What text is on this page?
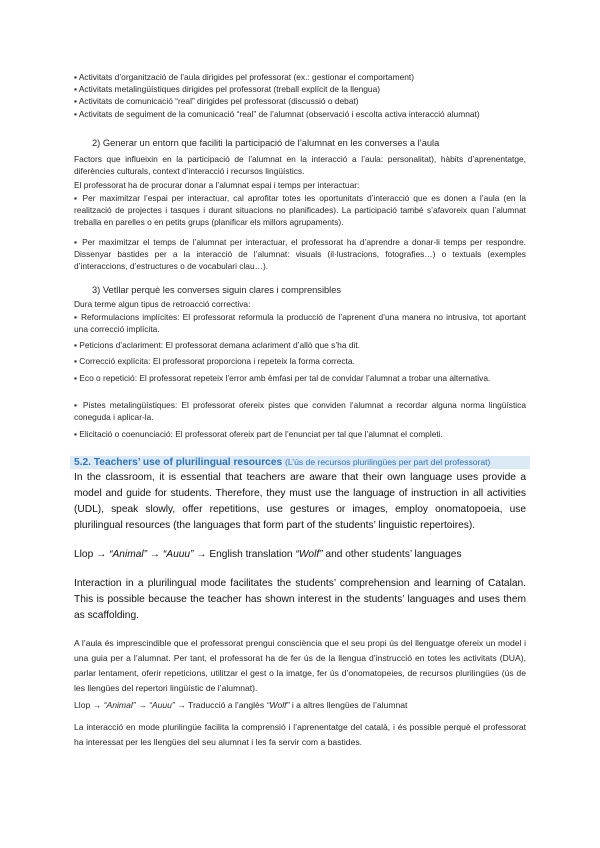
▪ Activitats d’organització de l’aula dirigides pel professorat (ex.: gestionar el comportament)
▪ Activitats metalingüístiques dirigides pel professorat (treball explícit de la llengua)
▪ Activitats de comunicació “real” dirigides pel professorat (discussió o debat)
▪ Activitats de seguiment de la comunicació “real” de l’alumnat (observació i escolta activa interacció alumnat)
2) Generar un entorn que faciliti la participació de l’alumnat en les converses a l’aula
Factors que influeixin en la participació de l’alumnat en la interacció a l’aula: personalitat), hàbits d’aprenentatge, diferències culturals, context d’interacció i recursos lingüístics.
El professorat ha de procurar donar a l’alumnat espai i temps per interactuar:
▪ Per maximitzar l’espai per interactuar, cal aprofitar totes les oportunitats d’interacció que es donen a l’aula (en la realització de projectes i tasques i durant situacions no planificades). La participació també s’afavoreix quan l’alumnat treballa en parelles o en petits grups (planificar els millors agrupaments).
▪ Per maximitzar el temps de l’alumnat per interactuar, el professorat ha d’aprendre a donar-li temps per respondre. Dissenyar bastides per a la interacció de l’alumnat: visuals (il·lustracions, fotografies…) o textuals (exemples d’interaccions, d’estructures o de vocabulari clau…).
3) Vetllar perquè les converses siguin clares i comprensibles
Dura terme algun tipus de retroacció correctiva:
▪ Reformulacions implícites: El professorat reformula la producció de l’aprenent d’una manera no intrusiva, tot aportant una correcció implícita.
▪ Peticions d’aclariment: El professorat demana aclariment d’allò que s’ha dit.
▪ Correcció explícita: El professorat proporciona i repeteix la forma correcta.
▪ Eco o repetició: El professorat repeteix l’error amb èmfasi per tal de convidar l’alumnat a trobar una alternativa.
▪ Pistes metalingüístiques: El professorat ofereix pistes que conviden l’alumnat a recordar alguna norma lingüística coneguda i aplicar-la.
▪ Elicitació o coenunciació: El professorat ofereix part de l’enunciat per tal que l’alumnat el completi.
5.2. Teachers’ use of plurilingual resources (L’ús de recursos plurilingües per part del professorat)
In the classroom, it is essential that teachers are aware that their own language uses provide a model and guide for students. Therefore, they must use the language of instruction in all activities (UDL), speak slowly, offer repetitions, use gestures or images, employ onomatopoeia, use plurilingual resources (the languages that form part of the students’ linguistic repertoires).
Llop → “Animal” → “Auuu” → English translation “Wolf” and other students’ languages
Interaction in a plurilingual mode facilitates the students’ comprehension and learning of Catalan. This is possible because the teacher has shown interest in the students’ languages and uses them as scaffolding.
A l’aula és imprescindible que el professorat prengui consciència que el seu propi ús del llenguatge ofereix un model i una guia per a l’alumnat. Per tant, el professorat ha de fer ús de la llengua d’instrucció en totes les activitats (DUA), parlar lentament, oferir repeticions, utilitzar el gest o la imatge, fer ús d’onomatopeies, de recursos plurilingües (ús de les llengües del repertori lingüístic de l’alumnat).
Llop → “Animal” → “Auuu” → Traducció a l’anglès “Wolf” i a altres llengües de l’alumnat
La interacció en mode plurilingüe facilita la comprensió i l’aprenentatge del català, i és possible perquè el professorat ha interessat per les llengües del seu alumnat i les fa servir com a bastides.
